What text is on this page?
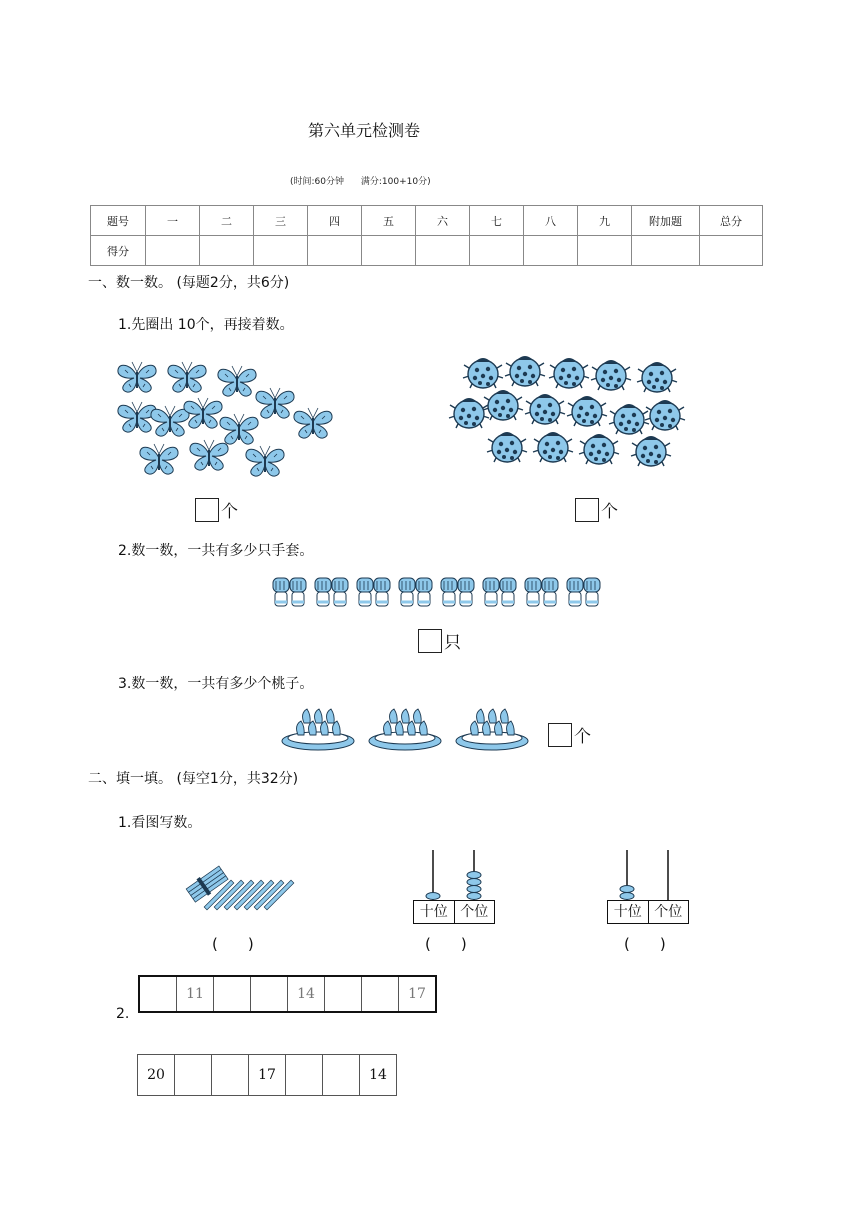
第六单元检测卷
(时间:60分钟 满分:100+10分)
题号	一	二	三	四	五	六	七	八	九	附加题	总分
得分											
一、数一数。 (每题2分，共6分)
1.先圈出 10个，再接着数。
个	个
2.数一数，一共有多少只手套。
只
3.数一数，一共有多少个桃子。
个
二、填一填。 (每空1分，共32分)
1.看图写数。
十位 个位	十位 个位
(　　)	(　　)	(　　)
2.
	11			14			17
20			17			14
